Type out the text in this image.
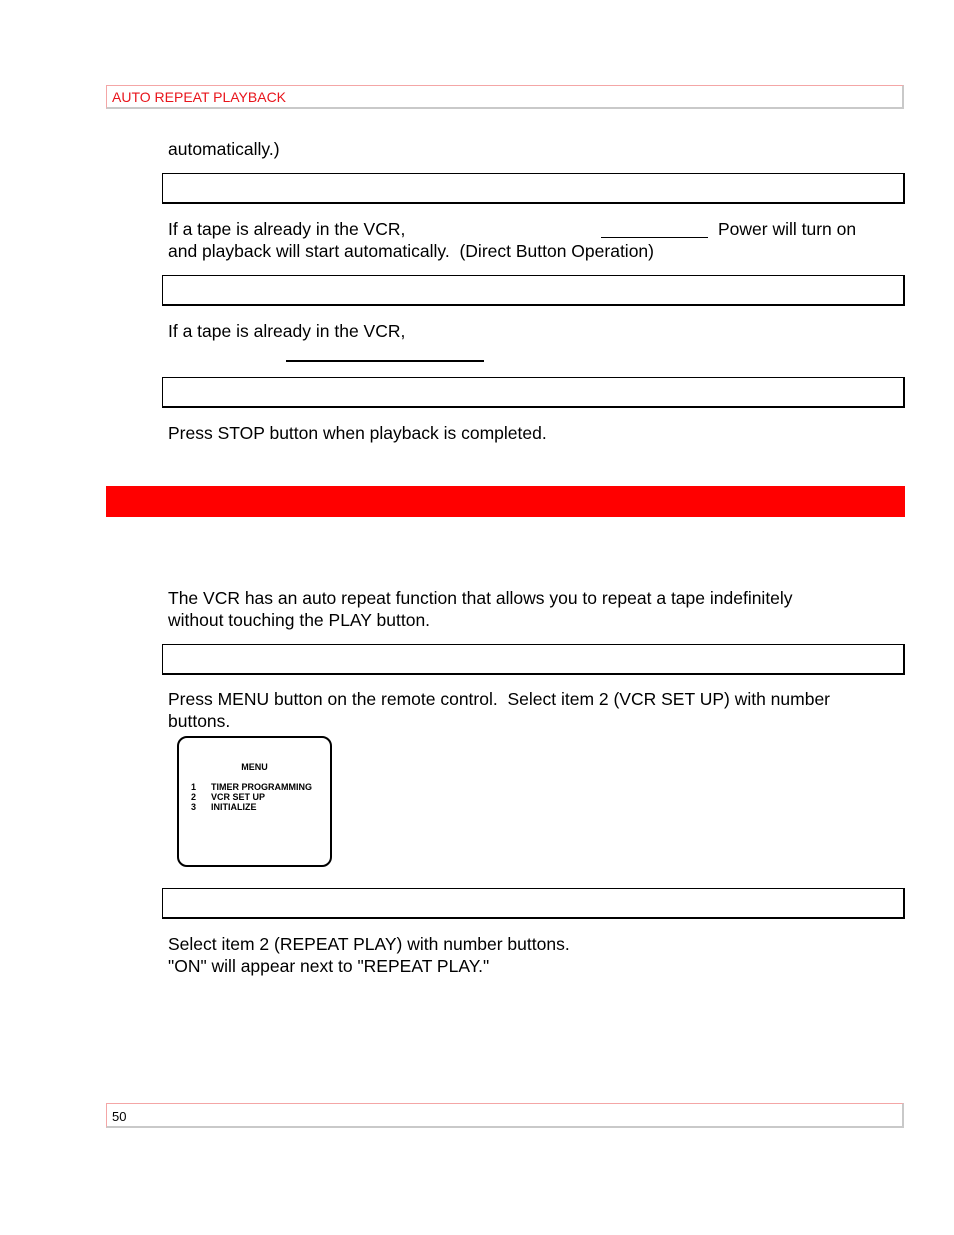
AUTO REPEAT PLAYBACK
automatically.)
If a tape is already in the VCR,	Power will turn on
and playback will start automatically.  (Direct Button Operation)
If a tape is already in the VCR,
Press STOP button when playback is completed.
The VCR has an auto repeat function that allows you to repeat a tape indefinitely
without touching the PLAY button.
Press MENU button on the remote control.  Select item 2 (VCR SET UP) with number
buttons.
MENU
1	TIMER PROGRAMMING
2	VCR SET UP
3	INITIALIZE
Select item 2 (REPEAT PLAY) with number buttons.
"ON" will appear next to "REPEAT PLAY."
50
